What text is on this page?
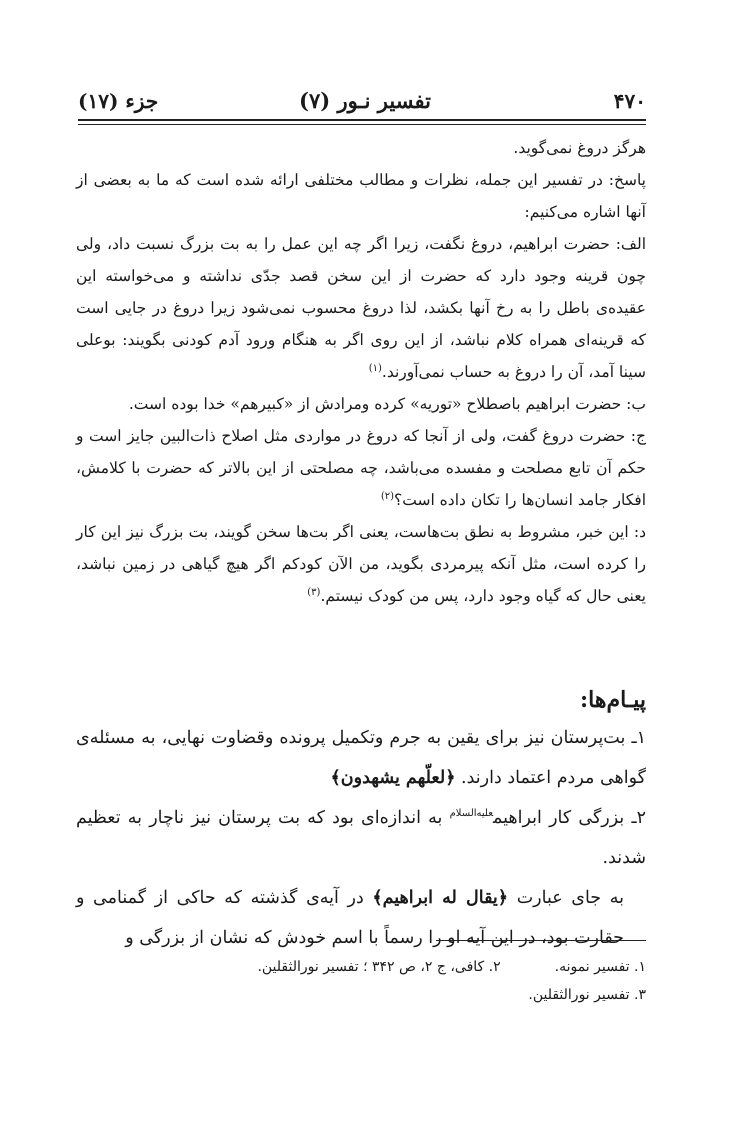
۴۷۰
تفسیر نـور (۷)
جزء (۱۷)

هرگز دروغ نمی‌گوید.

پاسخ: در تفسیر این جمله، نظرات و مطالب مختلفی ارائه شده است که ما به بعضی از آنها اشاره می‌کنیم:

الف: حضرت ابراهیم، دروغ نگفت، زیرا اگر چه این عمل را به بت بزرگ نسبت داد، ولی چون قرینه وجود دارد که حضرت از این سخن قصد جدّی نداشته و می‌خواسته این عقیده‌ی باطل را به رخ آنها بکشد، لذا دروغ محسوب نمی‌شود زیرا دروغ در جایی است که قرینه‌ای همراه کلام نباشد، از این روی اگر به هنگام ورود آدم کودنی بگویند: بوعلی سینا آمد، آن را دروغ به حساب نمی‌آورند.$^{(۱)}$

ب: حضرت ابراهیم باصطلاح «توریه» کرده ومرادش از «کبیرهم» خدا بوده است.

ج: حضرت دروغ گفت، ولی از آنجا که دروغ در مواردی مثل اصلاح ذات‌البین جایز است و حکم آن تابع مصلحت و مفسده می‌باشد، چه مصلحتی از این بالاتر که حضرت با کلامش، افکار جامد انسان‌ها را تکان داده است؟$^{(۲)}$

د: این خبر، مشروط به نطق بت‌هاست، یعنی اگر بت‌ها سخن گویند، بت بزرگ نیز این کار را کرده است، مثل آنکه پیرمردی بگوید، من الآن کودکم اگر هیچ گیاهی در زمین نباشد، یعنی حال که گیاه وجود دارد، پس من کودک نیستم.$^{(۳)}$

پیـام‌ها:

۱ـ بت‌پرستان نیز برای یقین به جرم وتکمیل پرونده وقضاوت نهایی، به مسئله‌ی گواهی مردم اعتماد دارند. ﴿لعلّهم یشهدون﴾

۲ـ بزرگی کار ابراهیم$^{علیه‌السلام}$ به اندازه‌ای بود که بت پرستان نیز ناچار به تعظیم شدند.

به جای عبارت ﴿یقال له ابراهیم﴾ در آیه‌ی گذشته که حاکی از گمنامی و حقارت بود، در این آیه او را رسماً با اسم خودش که نشان از بزرگی و

۱. تفسیر نمونه.۲. کافی، ج ۲، ص ۳۴۲ ؛ تفسیر نورالثقلین.
۳. تفسیر نورالثقلین.
